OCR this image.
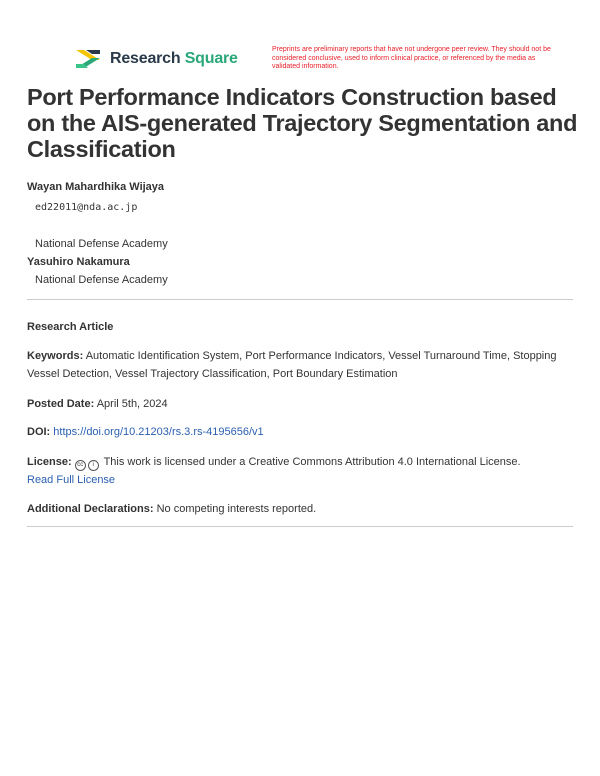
Research Square
Preprints are preliminary reports that have not undergone peer review. They should not be considered conclusive, used to inform clinical practice, or referenced by the media as validated information.
Port Performance Indicators Construction based on the AIS-generated Trajectory Segmentation and Classification
Wayan Mahardhika Wijaya
ed22011@nda.ac.jp
National Defense Academy
Yasuhiro Nakamura
National Defense Academy
Research Article
Keywords: Automatic Identification System, Port Performance Indicators, Vessel Turnaround Time, Stopping Vessel Detection, Vessel Trajectory Classification, Port Boundary Estimation
Posted Date: April 5th, 2024
DOI: https://doi.org/10.21203/rs.3.rs-4195656/v1
License: cc i This work is licensed under a Creative Commons Attribution 4.0 International License.
Read Full License
Additional Declarations: No competing interests reported.
